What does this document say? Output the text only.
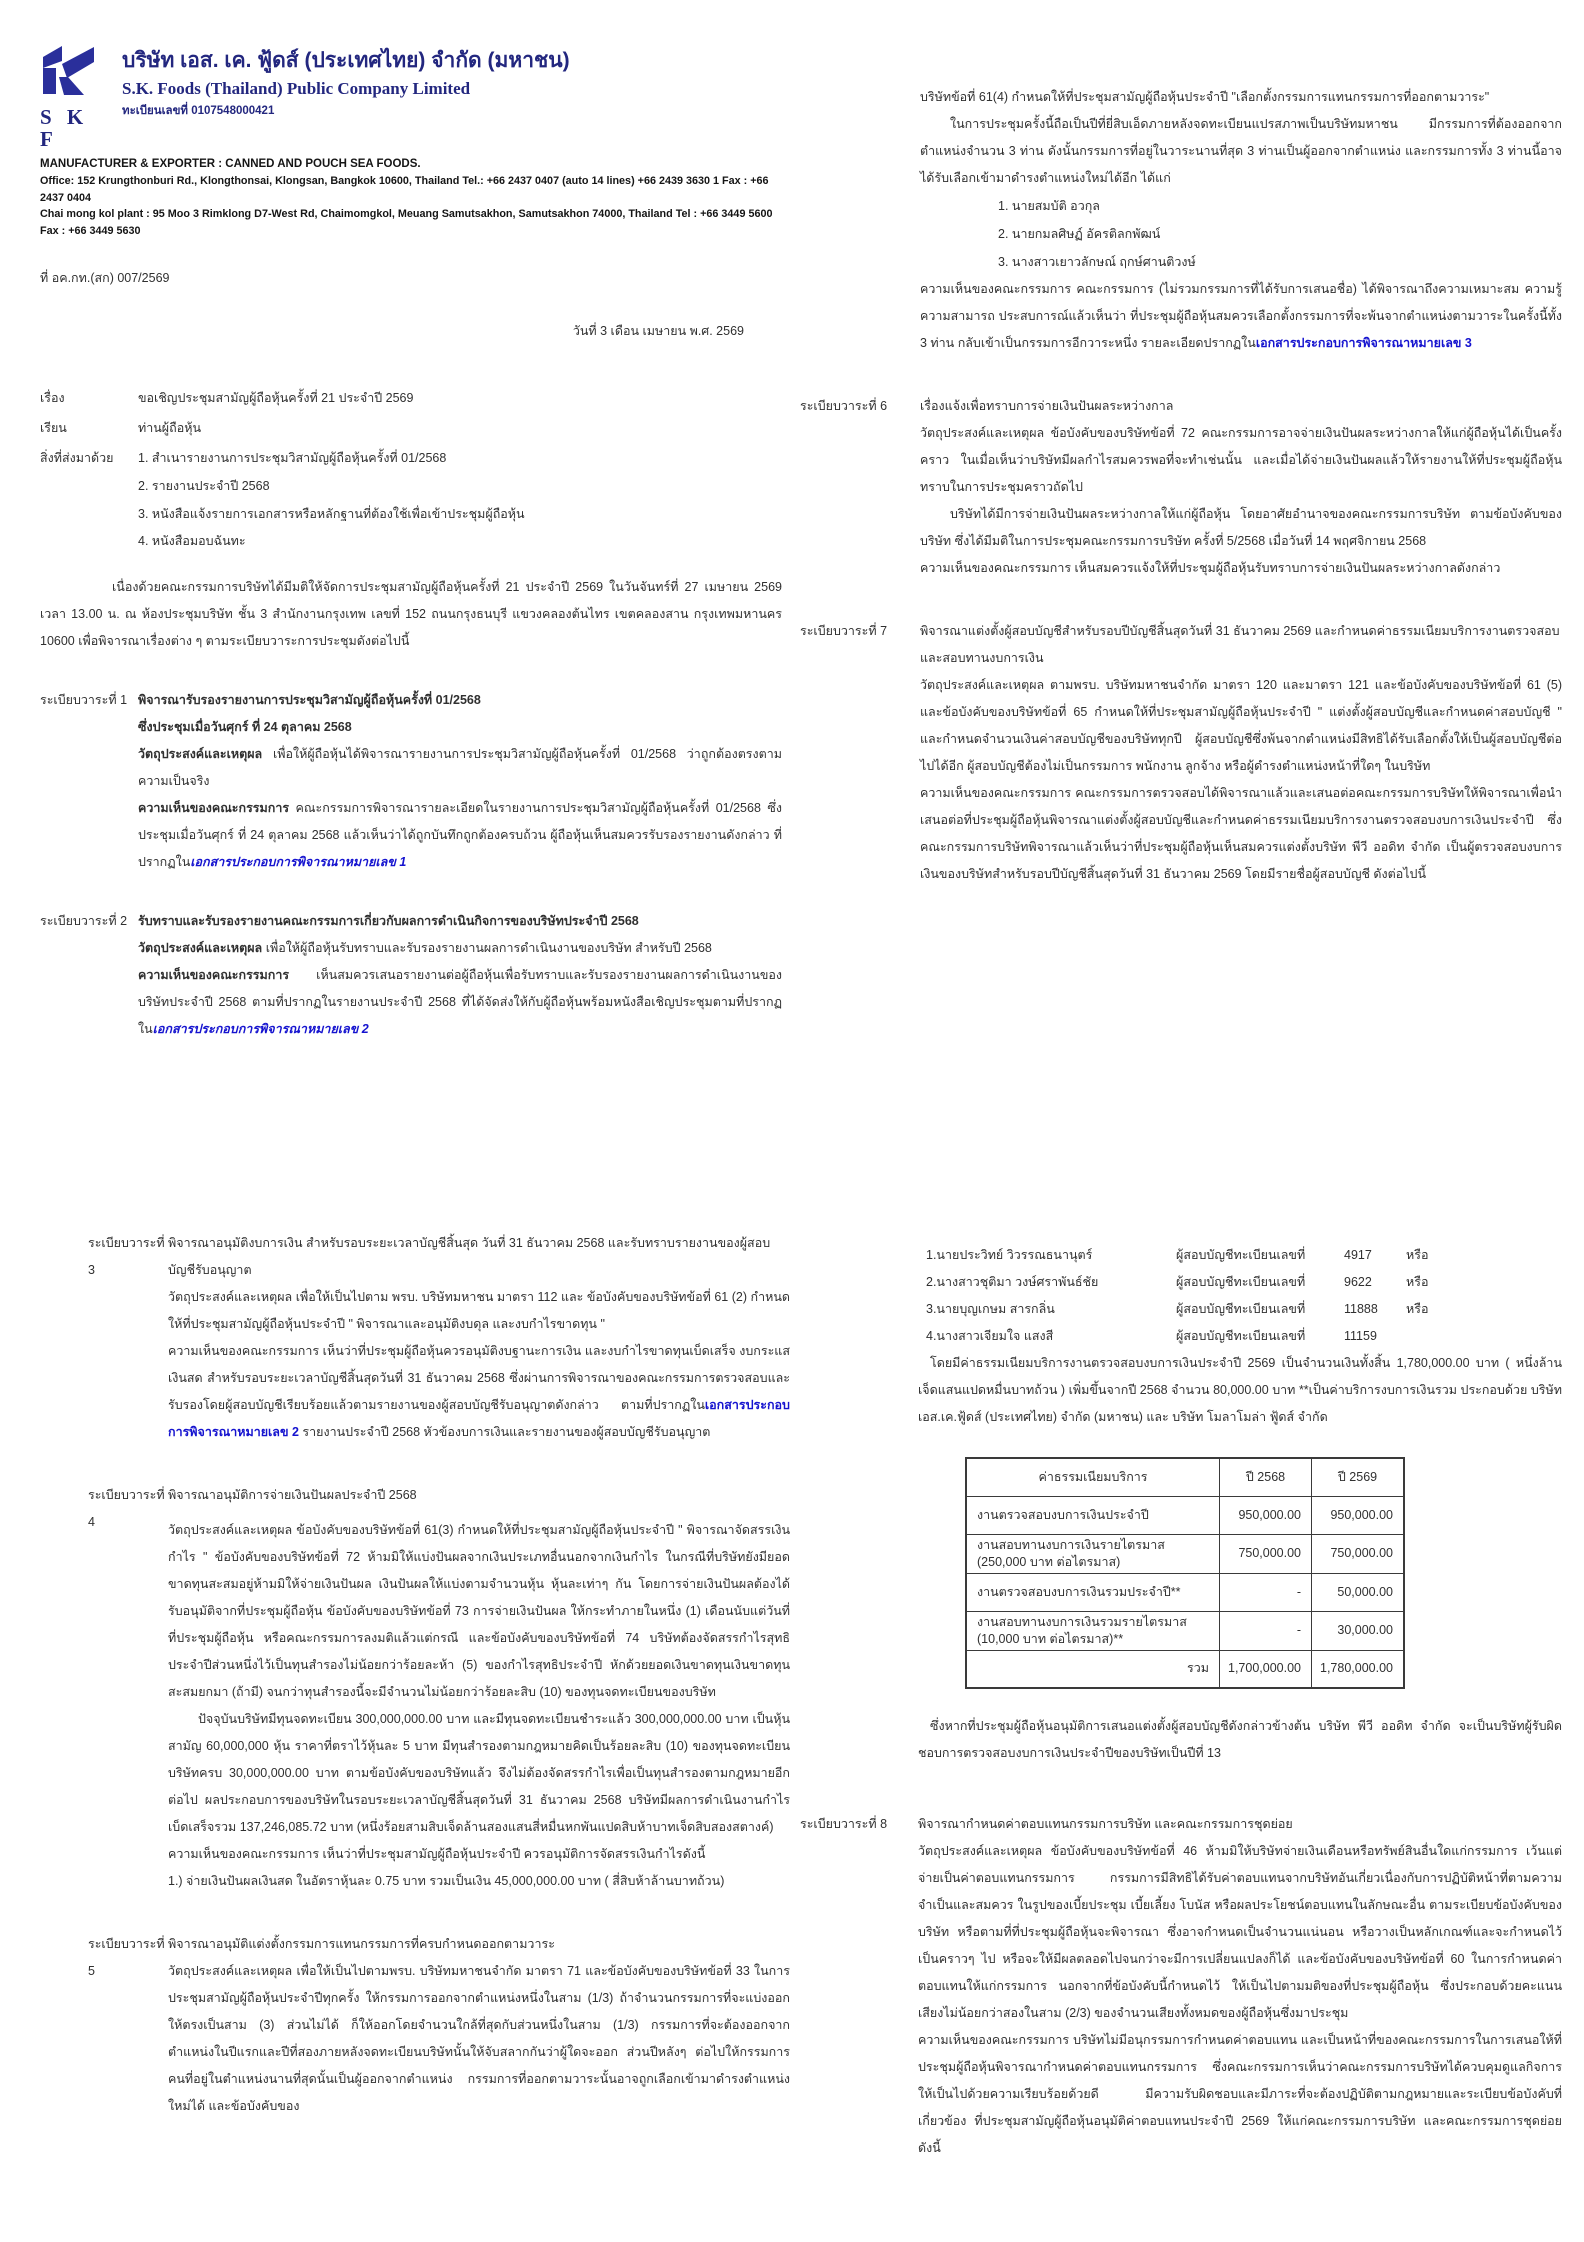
S K F
บริษัท เอส. เค. ฟู้ดส์ (ประเทศไทย) จำกัด (มหาชน)
S.K. Foods (Thailand) Public Company Limited
ทะเบียนเลขที่ 0107548000421
MANUFACTURER & EXPORTER : CANNED AND POUCH SEA FOODS.
Office: 152 Krungthonburi Rd., Klongthonsai, Klongsan, Bangkok 10600, Thailand Tel.: +66 2437 0407 (auto 14 lines) +66 2439 3630 1 Fax : +66 2437 0404
Chai mong kol plant : 95 Moo 3 Rimklong D7-West Rd, Chaimomgkol, Meuang Samutsakhon, Samutsakhon 74000, Thailand Tel : +66 3449 5600 Fax : +66 3449 5630
ที่ อค.กท.(สก) 007/2569
วันที่ 3 เดือน เมษายน พ.ศ. 2569
เรื่อง	ขอเชิญประชุมสามัญผู้ถือหุ้นครั้งที่ 21 ประจำปี 2569
เรียน	ท่านผู้ถือหุ้น
สิ่งที่ส่งมาด้วย	1. สำเนารายงานการประชุมวิสามัญผู้ถือหุ้นครั้งที่ 01/2568
2. รายงานประจำปี 2568
3. หนังสือแจ้งรายการเอกสารหรือหลักฐานที่ต้องใช้เพื่อเข้าประชุมผู้ถือหุ้น
4. หนังสือมอบฉันทะ

เนื่องด้วยคณะกรรมการบริษัทได้มีมติให้จัดการประชุมสามัญผู้ถือหุ้นครั้งที่ 21 ประจำปี 2569 ในวันจันทร์ที่ 27 เมษายน 2569 เวลา 13.00 น. ณ ห้องประชุมบริษัท ชั้น 3 สำนักงานกรุงเทพ เลขที่ 152 ถนนกรุงธนบุรี แขวงคลองต้นไทร เขตคลองสาน กรุงเทพมหานคร 10600 เพื่อพิจารณาเรื่องต่าง ๆ ตามระเบียบวาระการประชุมดังต่อไปนี้

ระเบียบวาระที่ 1 พิจารณารับรองรายงานการประชุมวิสามัญผู้ถือหุ้นครั้งที่ 01/2568
ซึ่งประชุมเมื่อวันศุกร์ ที่ 24 ตุลาคม 2568

วัตถุประสงค์และเหตุผล เพื่อให้ผู้ถือหุ้นได้พิจารณารายงานการประชุมวิสามัญผู้ถือหุ้นครั้งที่ 01/2568 ว่าถูกต้องตรงตามความเป็นจริง

ความเห็นของคณะกรรมการ คณะกรรมการพิจารณารายละเอียดในรายงานการประชุมวิสามัญผู้ถือหุ้นครั้งที่ 01/2568 ซึ่งประชุมเมื่อวันศุกร์ ที่ 24 ตุลาคม 2568 แล้วเห็นว่าได้ถูกบันทึกถูกต้องครบถ้วน ผู้ถือหุ้นเห็นสมควรรับรองรายงานดังกล่าว ที่ปรากฏในเอกสารประกอบการพิจารณาหมายเลข 1

ระเบียบวาระที่ 2 รับทราบและรับรองรายงานคณะกรรมการเกี่ยวกับผลการดำเนินกิจการของบริษัทประจำปี 2568

วัตถุประสงค์และเหตุผล เพื่อให้ผู้ถือหุ้นรับทราบและรับรองรายงานผลการดำเนินงานของบริษัท สำหรับปี 2568

ความเห็นของคณะกรรมการ เห็นสมควรเสนอรายงานต่อผู้ถือหุ้นเพื่อรับทราบและรับรองรายงานผลการดำเนินงานของบริษัทประจำปี 2568 ตามที่ปรากฏในรายงานประจำปี 2568 ที่ได้จัดส่งให้กับผู้ถือหุ้นพร้อมหนังสือเชิญประชุมตามที่ปรากฏในเอกสารประกอบการพิจารณาหมายเลข 2

บริษัทข้อที่ 61(4) กำหนดให้ที่ประชุมสามัญผู้ถือหุ้นประจำปี "เลือกตั้งกรรมการแทนกรรมการที่ออกตามวาระ"

ในการประชุมครั้งนี้ถือเป็นปีที่ยี่สิบเอ็ดภายหลังจดทะเบียนแปรสภาพเป็นบริษัทมหาชน มีกรรมการที่ต้องออกจากตำแหน่งจำนวน 3 ท่าน ดังนั้นกรรมการที่อยู่ในวาระนานที่สุด 3 ท่านเป็นผู้ออกจากตำแหน่ง และกรรมการทั้ง 3 ท่านนี้อาจได้รับเลือกเข้ามาดำรงตำแหน่งใหม่ได้อีก ได้แก่

1. นายสมบัติ อวกุล
2. นายกมลศิษฏ์ อัครติลกพัฒน์
3. นางสาวเยาวลักษณ์ ฤกษ์ศานติวงษ์

ความเห็นของคณะกรรมการ คณะกรรมการ (ไม่รวมกรรมการที่ได้รับการเสนอชื่อ) ได้พิจารณาถึงความเหมาะสม ความรู้ ความสามารถ ประสบการณ์แล้วเห็นว่า ที่ประชุมผู้ถือหุ้นสมควรเลือกตั้งกรรมการที่จะพ้นจากตำแหน่งตามวาระในครั้งนี้ทั้ง 3 ท่าน กลับเข้าเป็นกรรมการอีกวาระหนึ่ง รายละเอียดปรากฏในเอกสารประกอบการพิจารณาหมายเลข 3

ระเบียบวาระที่ 6	เรื่องแจ้งเพื่อทราบการจ่ายเงินปันผลระหว่างกาล

วัตถุประสงค์และเหตุผล ข้อบังคับของบริษัทข้อที่ 72 คณะกรรมการอาจจ่ายเงินปันผลระหว่างกาลให้แก่ผู้ถือหุ้นได้เป็นครั้งคราว ในเมื่อเห็นว่าบริษัทมีผลกำไรสมควรพอที่จะทำเช่นนั้น และเมื่อได้จ่ายเงินปันผลแล้วให้รายงานให้ที่ประชุมผู้ถือหุ้นทราบในการประชุมคราวถัดไป

บริษัทได้มีการจ่ายเงินปันผลระหว่างกาลให้แก่ผู้ถือหุ้น โดยอาศัยอำนาจของคณะกรรมการบริษัท ตามข้อบังคับของบริษัท ซึ่งได้มีมติในการประชุมคณะกรรมการบริษัท ครั้งที่ 5/2568 เมื่อวันที่ 14 พฤศจิกายน 2568

ความเห็นของคณะกรรมการ เห็นสมควรแจ้งให้ที่ประชุมผู้ถือหุ้นรับทราบการจ่ายเงินปันผลระหว่างกาลดังกล่าว

ระเบียบวาระที่ 7	พิจารณาแต่งตั้งผู้สอบบัญชีสำหรับรอบปีบัญชีสิ้นสุดวันที่ 31 ธันวาคม 2569 และกำหนดค่าธรรมเนียมบริการงานตรวจสอบและสอบทานงบการเงิน

วัตถุประสงค์และเหตุผล ตามพรบ. บริษัทมหาชนจำกัด มาตรา 120 และมาตรา 121 และข้อบังคับของบริษัทข้อที่ 61 (5) และข้อบังคับของบริษัทข้อที่ 65 กำหนดให้ที่ประชุมสามัญผู้ถือหุ้นประจำปี " แต่งตั้งผู้สอบบัญชีและกำหนดค่าสอบบัญชี " และกำหนดจำนวนเงินค่าสอบบัญชีของบริษัททุกปี ผู้สอบบัญชีซึ่งพ้นจากตำแหน่งมีสิทธิได้รับเลือกตั้งให้เป็นผู้สอบบัญชีต่อไปได้อีก ผู้สอบบัญชีต้องไม่เป็นกรรมการ พนักงาน ลูกจ้าง หรือผู้ดำรงตำแหน่งหน้าที่ใดๆ ในบริษัท

ความเห็นของคณะกรรมการ คณะกรรมการตรวจสอบได้พิจารณาแล้วและเสนอต่อคณะกรรมการบริษัทให้พิจารณาเพื่อนำเสนอต่อที่ประชุมผู้ถือหุ้นพิจารณาแต่งตั้งผู้สอบบัญชีและกำหนดค่าธรรมเนียมบริการงานตรวจสอบงบการเงินประจำปี ซึ่งคณะกรรมการบริษัทพิจารณาแล้วเห็นว่าที่ประชุมผู้ถือหุ้นเห็นสมควรแต่งตั้งบริษัท พีวี ออดิท จำกัด เป็นผู้ตรวจสอบงบการเงินของบริษัทสำหรับรอบปีบัญชีสิ้นสุดวันที่ 31 ธันวาคม 2569 โดยมีรายชื่อผู้สอบบัญชี ดังต่อไปนี้

ระเบียบวาระที่ 3
พิจารณาอนุมัติงบการเงิน สำหรับรอบระยะเวลาบัญชีสิ้นสุด วันที่ 31 ธันวาคม 2568 และรับทราบรายงานของผู้สอบบัญชีรับอนุญาต

วัตถุประสงค์และเหตุผล เพื่อให้เป็นไปตาม พรบ. บริษัทมหาชน มาตรา 112 และ ข้อบังคับของบริษัทข้อที่ 61 (2) กำหนดให้ที่ประชุมสามัญผู้ถือหุ้นประจำปี " พิจารณาและอนุมัติงบดุล และงบกำไรขาดทุน "

ความเห็นของคณะกรรมการ เห็นว่าที่ประชุมผู้ถือหุ้นควรอนุมัติงบฐานะการเงิน และงบกำไรขาดทุนเบ็ดเสร็จ งบกระแสเงินสด สำหรับรอบระยะเวลาบัญชีสิ้นสุดวันที่ 31 ธันวาคม 2568 ซึ่งผ่านการพิจารณาของคณะกรรมการตรวจสอบและรับรองโดยผู้สอบบัญชีเรียบร้อยแล้วตามรายงานของผู้สอบบัญชีรับอนุญาตดังกล่าว ตามที่ปรากฏในเอกสารประกอบการพิจารณาหมายเลข 2 รายงานประจำปี 2568 หัวข้องบการเงินและรายงานของผู้สอบบัญชีรับอนุญาต

ระเบียบวาระที่ 4
พิจารณาอนุมัติการจ่ายเงินปันผลประจำปี 2568

วัตถุประสงค์และเหตุผล ข้อบังคับของบริษัทข้อที่ 61(3) กำหนดให้ที่ประชุมสามัญผู้ถือหุ้นประจำปี " พิจารณาจัดสรรเงินกำไร " ข้อบังคับของบริษัทข้อที่ 72 ห้ามมิให้แบ่งปันผลจากเงินประเภทอื่นนอกจากเงินกำไร ในกรณีที่บริษัทยังมียอดขาดทุนสะสมอยู่ห้ามมิให้จ่ายเงินปันผล เงินปันผลให้แบ่งตามจำนวนหุ้น หุ้นละเท่าๆ กัน โดยการจ่ายเงินปันผลต้องได้รับอนุมัติจากที่ประชุมผู้ถือหุ้น ข้อบังคับของบริษัทข้อที่ 73 การจ่ายเงินปันผล ให้กระทำภายในหนึ่ง (1) เดือนนับแต่วันที่ที่ประชุมผู้ถือหุ้น หรือคณะกรรมการลงมติแล้วแต่กรณี และข้อบังคับของบริษัทข้อที่ 74 บริษัทต้องจัดสรรกำไรสุทธิประจำปีส่วนหนึ่งไว้เป็นทุนสำรองไม่น้อยกว่าร้อยละห้า (5) ของกำไรสุทธิประจำปี หักด้วยยอดเงินขาดทุนเงินขาดทุนสะสมยกมา (ถ้ามี) จนกว่าทุนสำรองนี้จะมีจำนวนไม่น้อยกว่าร้อยละสิบ (10) ของทุนจดทะเบียนของบริษัท

ปัจจุบันบริษัทมีทุนจดทะเบียน 300,000,000.00 บาท และมีทุนจดทะเบียนชำระแล้ว 300,000,000.00 บาท เป็นหุ้นสามัญ 60,000,000 หุ้น ราคาที่ตราไว้หุ้นละ 5 บาท มีทุนสำรองตามกฎหมายคิดเป็นร้อยละสิบ (10) ของทุนจดทะเบียนบริษัทครบ 30,000,000.00 บาท ตามข้อบังคับของบริษัทแล้ว จึงไม่ต้องจัดสรรกำไรเพื่อเป็นทุนสำรองตามกฎหมายอีกต่อไป ผลประกอบการของบริษัทในรอบระยะเวลาบัญชีสิ้นสุดวันที่ 31 ธันวาคม 2568 บริษัทมีผลการดำเนินงานกำไรเบ็ดเสร็จรวม 137,246,085.72 บาท (หนึ่งร้อยสามสิบเจ็ดล้านสองแสนสี่หมื่นหกพันแปดสิบห้าบาทเจ็ดสิบสองสตางค์)

ความเห็นของคณะกรรมการ เห็นว่าที่ประชุมสามัญผู้ถือหุ้นประจำปี ควรอนุมัติการจัดสรรเงินกำไรดังนี้

1.) จ่ายเงินปันผลเงินสด ในอัตราหุ้นละ 0.75 บาท รวมเป็นเงิน 45,000,000.00 บาท ( สี่สิบห้าล้านบาทถ้วน)

ระเบียบวาระที่ 5
พิจารณาอนุมัติแต่งตั้งกรรมการแทนกรรมการที่ครบกำหนดออกตามวาระ

วัตถุประสงค์และเหตุผล เพื่อให้เป็นไปตามพรบ. บริษัทมหาชนจำกัด มาตรา 71 และข้อบังคับของบริษัทข้อที่ 33 ในการประชุมสามัญผู้ถือหุ้นประจำปีทุกครั้ง ให้กรรมการออกจากตำแหน่งหนึ่งในสาม (1/3) ถ้าจำนวนกรรมการที่จะแบ่งออกให้ตรงเป็นสาม (3) ส่วนไม่ได้ ก็ให้ออกโดยจำนวนใกล้ที่สุดกับส่วนหนึ่งในสาม (1/3) กรรมการที่จะต้องออกจากตำแหน่งในปีแรกและปีที่สองภายหลังจดทะเบียนบริษัทนั้นให้จับสลากกันว่าผู้ใดจะออก ส่วนปีหลังๆ ต่อไปให้กรรมการคนที่อยู่ในตำแหน่งนานที่สุดนั้นเป็นผู้ออกจากตำแหน่ง กรรมการที่ออกตามวาระนั้นอาจถูกเลือกเข้ามาดำรงตำแหน่งใหม่ได้ และข้อบังคับของ

1.นายประวิทย์ วิวรรณธนานุตร์	ผู้สอบบัญชีทะเบียนเลขที่	4917	หรือ
2.นางสาวชุติมา วงษ์ศราพันธ์ชัย	ผู้สอบบัญชีทะเบียนเลขที่	9622	หรือ
3.นายบุญเกษม สารกลิ่น	ผู้สอบบัญชีทะเบียนเลขที่	11888	หรือ
4.นางสาวเจียมใจ แสงสี	ผู้สอบบัญชีทะเบียนเลขที่	11159

โดยมีค่าธรรมเนียมบริการงานตรวจสอบงบการเงินประจำปี 2569 เป็นจำนวนเงินทั้งสิ้น 1,780,000.00 บาท ( หนึ่งล้านเจ็ดแสนแปดหมื่นบาทถ้วน ) เพิ่มขึ้นจากปี 2568 จำนวน 80,000.00 บาท **เป็นค่าบริการงบการเงินรวม ประกอบด้วย บริษัท เอส.เค.ฟู้ดส์ (ประเทศไทย) จำกัด (มหาชน) และ บริษัท โมลาโมล่า ฟู้ดส์ จำกัด

ค่าธรรมเนียมบริการ	ปี 2568	ปี 2569
งานตรวจสอบงบการเงินประจำปี	950,000.00	950,000.00
งานสอบทานงบการเงินรายไตรมาส (250,000 บาท ต่อไตรมาส)	750,000.00	750,000.00
งานตรวจสอบงบการเงินรวมประจำปี**	-	50,000.00
งานสอบทานงบการเงินรวมรายไตรมาส (10,000 บาท ต่อไตรมาส)**	-	30,000.00
รวม	1,700,000.00	1,780,000.00

ซึ่งหากที่ประชุมผู้ถือหุ้นอนุมัติการเสนอแต่งตั้งผู้สอบบัญชีดังกล่าวข้างต้น บริษัท พีวี ออดิท จำกัด จะเป็นบริษัทผู้รับผิดชอบการตรวจสอบงบการเงินประจำปีของบริษัทเป็นปีที่ 13

ระเบียบวาระที่ 8	พิจารณากำหนดค่าตอบแทนกรรมการบริษัท และคณะกรรมการชุดย่อย

วัตถุประสงค์และเหตุผล ข้อบังคับของบริษัทข้อที่ 46 ห้ามมิให้บริษัทจ่ายเงินเดือนหรือทรัพย์สินอื่นใดแก่กรรมการ เว้นแต่จ่ายเป็นค่าตอบแทนกรรมการ กรรมการมีสิทธิได้รับค่าตอบแทนจากบริษัทอันเกี่ยวเนื่องกับการปฏิบัติหน้าที่ตามความจำเป็นและสมควร ในรูปของเบี้ยประชุม เบี้ยเลี้ยง โบนัส หรือผลประโยชน์ตอบแทนในลักษณะอื่น ตามระเบียบข้อบังคับของบริษัท หรือตามที่ที่ประชุมผู้ถือหุ้นจะพิจารณา ซึ่งอาจกำหนดเป็นจำนวนแน่นอน หรือวางเป็นหลักเกณฑ์และจะกำหนดไว้เป็นคราวๆ ไป หรือจะให้มีผลตลอดไปจนกว่าจะมีการเปลี่ยนแปลงก็ได้ และข้อบังคับของบริษัทข้อที่ 60 ในการกำหนดค่าตอบแทนให้แก่กรรมการ นอกจากที่ข้อบังคับนี้กำหนดไว้ ให้เป็นไปตามมติของที่ประชุมผู้ถือหุ้น ซึ่งประกอบด้วยคะแนนเสียงไม่น้อยกว่าสองในสาม (2/3) ของจำนวนเสียงทั้งหมดของผู้ถือหุ้นซึ่งมาประชุม

ความเห็นของคณะกรรมการ บริษัทไม่มีอนุกรรมการกำหนดค่าตอบแทน และเป็นหน้าที่ของคณะกรรมการในการเสนอให้ที่ประชุมผู้ถือหุ้นพิจารณากำหนดค่าตอบแทนกรรมการ ซึ่งคณะกรรมการเห็นว่าคณะกรรมการบริษัทได้ควบคุมดูแลกิจการให้เป็นไปด้วยความเรียบร้อยด้วยดี มีความรับผิดชอบและมีภาระที่จะต้องปฏิบัติตามกฎหมายและระเบียบข้อบังคับที่เกี่ยวข้อง ที่ประชุมสามัญผู้ถือหุ้นอนุมัติค่าตอบแทนประจำปี 2569 ให้แก่คณะกรรมการบริษัท และคณะกรรมการชุดย่อย ดังนี้
